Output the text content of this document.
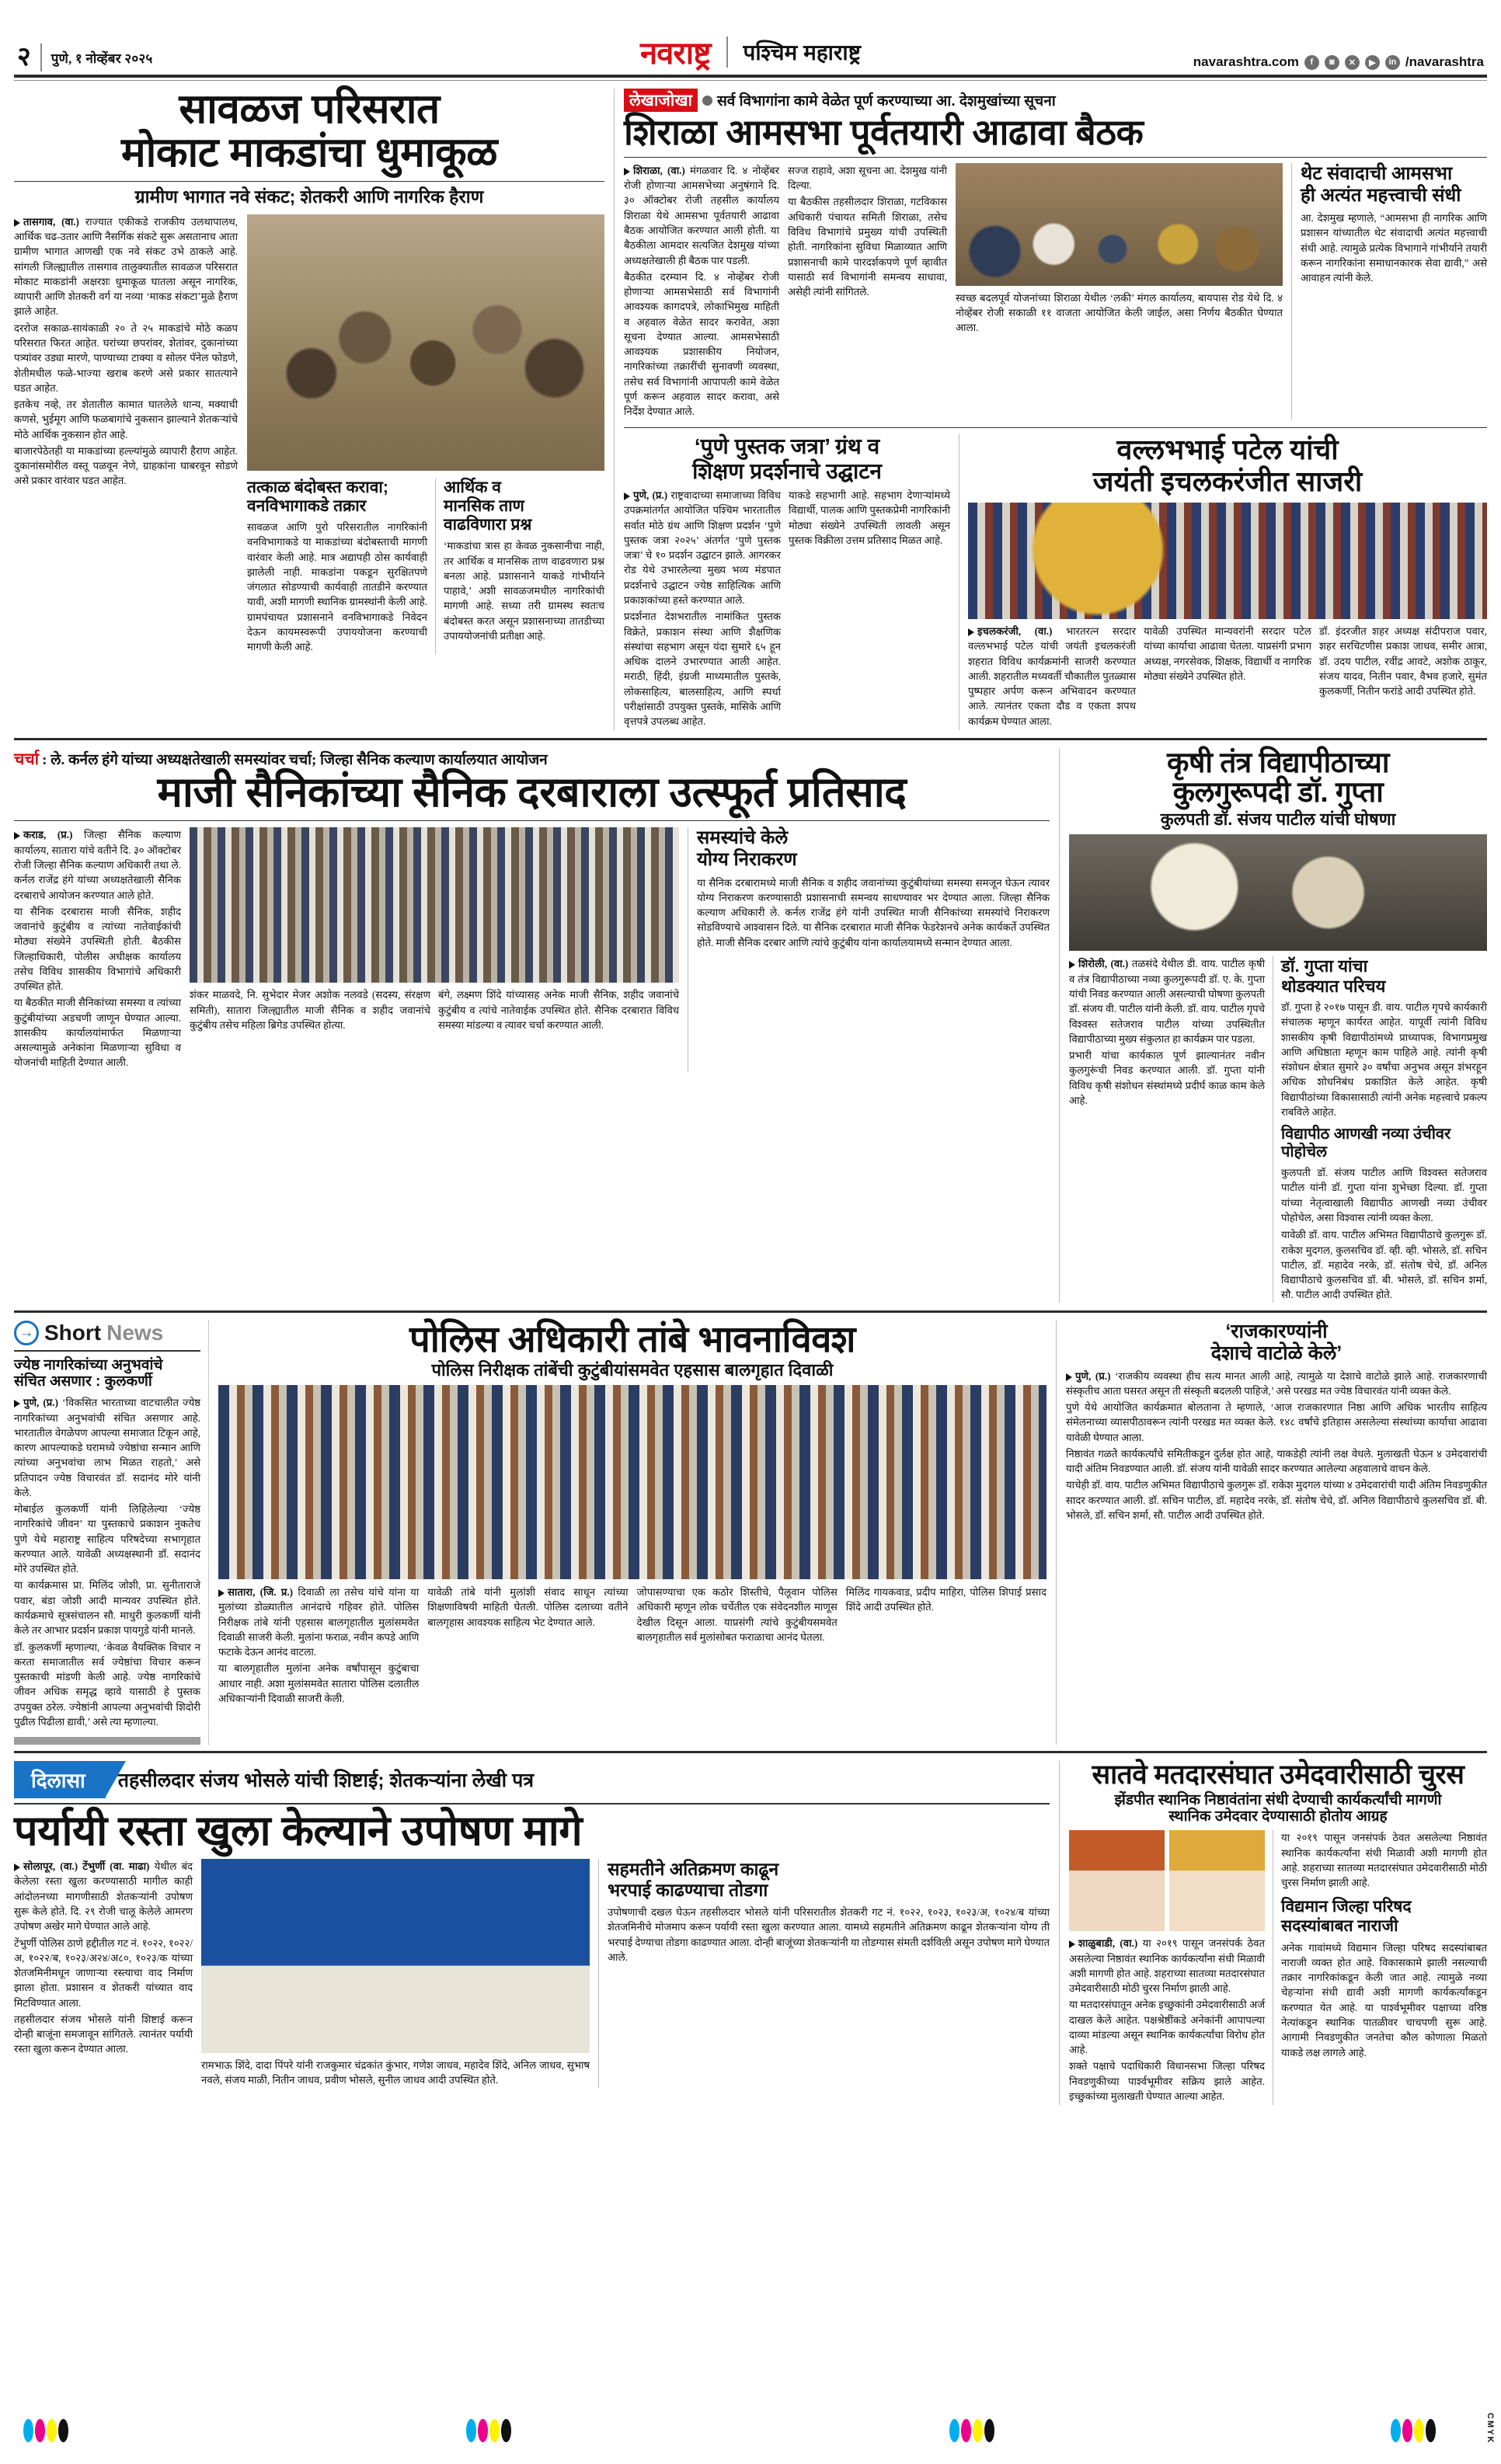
२ पुणे, १ नोव्हेंबर २०२५	नवराष्ट्र पश्चिम महाराष्ट्र	navarashtra.com	f	◙	✕	▶	in /navarashtra
सावळज परिसरात
मोकाट माकडांचा धुमाकूळ
ग्रामीण भागात नवे संकट; शेतकरी आणि नागरिक हैराण

तासगाव, (वा.) राज्यात एकीकडे राजकीय उलथापालथ, आर्थिक चढ-उतार आणि नैसर्गिक संकटे सुरू असतानाच आता ग्रामीण भागात आणखी एक नवे संकट उभे ठाकले आहे. सांगली जिल्ह्यातील तासगाव तालुक्यातील सावळज परिसरात मोकाट माकडांनी अक्षरशः धुमाकूळ घातला असून नागरिक, व्यापारी आणि शेतकरी वर्ग या नव्या ‘माकड संकटा’मुळे हैराण झाले आहेत.

दररोज सकाळ-सायंकाळी २० ते २५ माकडांचे मोठे कळप परिसरात फिरत आहेत. घरांच्या छपरांवर, शेतांवर, दुकानांच्या पत्र्यांवर उड्या मारणे, पाण्याच्या टाक्या व सोलर पॅनेल फोडणे, शेतीमधील फळे-भाज्या खराब करणे असे प्रकार सातत्याने घडत आहेत.

इतकेच नव्हे, तर शेतातील कामात घातलेले धान्य, मक्याची कणसे, भुईमूग आणि फळबागांचे नुकसान झाल्याने शेतकऱ्यांचे मोठे आर्थिक नुकसान होत आहे.

बाजारपेठेतही या माकडांच्या हल्ल्यांमुळे व्यापारी हैराण आहेत. दुकानांसमोरील वस्तू पळवून नेणे, ग्राहकांना घाबरवून सोडणे असे प्रकार वारंवार घडत आहेत.	तत्काळ बंदोबस्त करावा;
वनविभागाकडे तक्रार
सावळज आणि पुरो परिसरातील नागरिकांनी वनविभागाकडे या माकडांच्या बंदोबस्ताची मागणी वारंवार केली आहे. मात्र अद्यापही ठोस कार्यवाही झालेली नाही. माकडांना पकडून सुरक्षितपणे जंगलात सोडण्याची कार्यवाही तातडीने करण्यात यावी, अशी मागणी स्थानिक ग्रामस्थांनी केली आहे. ग्रामपंचायत प्रशासनाने वनविभागाकडे निवेदन देऊन कायमस्वरूपी उपाययोजना करण्याची मागणी केली आहे.
आर्थिक व
मानसिक ताण
वाढविणारा प्रश्न
‘माकडांचा त्रास हा केवळ नुकसानीचा नाही, तर आर्थिक व मानसिक ताण वाढवणारा प्रश्न बनला आहे. प्रशासनाने याकडे गांभीर्याने पाहावे,’ अशी सावळजमधील नागरिकांची मागणी आहे. सध्या तरी ग्रामस्थ स्वतःच बंदोबस्त करत असून प्रशासनाच्या तातडीच्या उपाययोजनांची प्रतीक्षा आहे.
लेखाजोखा	सर्व विभागांना कामे वेळेत पूर्ण करण्याच्या आ. देशमुखांच्या सूचना
शिराळा आमसभा पूर्वतयारी आढावा बैठक

शिराळा, (वा.) मंगळवार दि. ४ नोव्हेंबर रोजी होणाऱ्या आमसभेच्या अनुषंगाने दि. ३० ऑक्टोबर रोजी तहसील कार्यालय शिराळा येथे आमसभा पूर्वतयारी आढावा बैठक आयोजित करण्यात आली होती. या बैठकीला आमदार सत्यजित देशमुख यांच्या अध्यक्षतेखाली ही बैठक पार पडली.

बैठकीत दरम्यान दि. ४ नोव्हेंबर रोजी होणाऱ्या आमसभेसाठी सर्व विभागांनी आवश्यक कागदपत्रे, लोकाभिमुख माहिती व अहवाल वेळेत सादर करावेत, अशा सूचना देण्यात आल्या. आमसभेसाठी आवश्यक प्रशासकीय नियोजन, नागरिकांच्या तक्रारींची सुनावणी व्यवस्था, तसेच सर्व विभागांनी आपापली कामे वेळेत पूर्ण करून अहवाल सादर करावा, असे निर्देश देण्यात आले.

सज्ज राहावे, अशा सूचना आ. देशमुख यांनी दिल्या.

या बैठकीस तहसीलदार शिराळा, गटविकास अधिकारी पंचायत समिती शिराळा, तसेच विविध विभागांचे प्रमुख्य यांची उपस्थिती होती. नागरिकांना सुविधा मिळाव्यात आणि प्रशासनाची कामे पारदर्शकपणे पूर्ण व्हावीत यासाठी सर्व विभागांनी समन्वय साधावा, असेही त्यांनी सांगितले.

स्वच्छ बदलपूर्व योजनांच्या शिराळा येथील ‘लकी’ मंगल कार्यालय, बायपास रोड येथे दि. ४ नोव्हेंबर रोजी सकाळी ११ वाजता आयोजित केली जाईल, असा निर्णय बैठकीत घेण्यात आला.
थेट संवादाची आमसभा
ही अत्यंत महत्त्वाची संधी
आ. देशमुख म्हणाले, “आमसभा ही नागरिक आणि प्रशासन यांच्यातील थेट संवादाची अत्यंत महत्त्वाची संधी आहे. त्यामुळे प्रत्येक विभागाने गांभीर्याने तयारी करून नागरिकांना समाधानकारक सेवा द्यावी,” असे आवाहन त्यांनी केले.
‘पुणे पुस्तक जत्रा’ ग्रंथ व
शिक्षण प्रदर्शनाचे उद्घाटन

पुणे, (प्र.) राष्ट्रवादाच्या समाजाच्या विविध उपक्रमांतर्गत आयोजित पश्चिम भारतातील सर्वात मोठे ग्रंथ आणि शिक्षण प्रदर्शन ‘पुणे पुस्तक जत्रा २०२५’ अंतर्गत ‘पुणे पुस्तक जत्रा’ चे १० प्रदर्शन उद्घाटन झाले. आगरकर रोड येथे उभारलेल्या मुख्य भव्य मंडपात प्रदर्शनाचे उद्घाटन ज्येष्ठ साहित्यिक आणि प्रकाशकांच्या हस्ते करण्यात आले.

प्रदर्शनात देशभरातील नामांकित पुस्तक विक्रेते, प्रकाशन संस्था आणि शैक्षणिक संस्थांचा सहभाग असून यंदा सुमारे ६५ हून अधिक दालने उभारण्यात आली आहेत. मराठी, हिंदी, इंग्रजी माध्यमातील पुस्तके, लोकसाहित्य, बालसाहित्य, आणि स्पर्धा परीक्षांसाठी उपयुक्त पुस्तके, मासिके आणि वृत्तपत्रे उपलब्ध आहेत.

याकडे सहभागी आहे. सहभाग देणाऱ्यांमध्ये विद्यार्थी, पालक आणि पुस्तकप्रेमी नागरिकांनी मोठ्या संख्येने उपस्थिती लावली असून पुस्तक विक्रीला उत्तम प्रतिसाद मिळत आहे.
वल्लभभाई पटेल यांची
जयंती इचलकरंजीत साजरी

इचलकरंजी, (वा.) भारतरत्न सरदार वल्लभभाई पटेल यांची जयंती इचलकरंजी शहरात विविध कार्यक्रमांनी साजरी करण्यात आली. शहरातील मध्यवर्ती चौकातील पुतळ्यास पुष्पहार अर्पण करून अभिवादन करण्यात आले. त्यानंतर एकता दौड व एकता शपथ कार्यक्रम घेण्यात आला.

यावेळी उपस्थित मान्यवरांनी सरदार पटेल यांच्या कार्याचा आढावा घेतला. याप्रसंगी प्रभाग अध्यक्ष, नगरसेवक, शिक्षक, विद्यार्थी व नागरिक मोठ्या संख्येने उपस्थित होते.

डॉ. इंदरजीत शहर अध्यक्ष संदीपराज पवार, शहर सरचिटणीस प्रकाश जाधव, समीर आत्रा, डॉ. उदय पाटील, रवींद्र आवटे, अशोक ठाकूर, संजय यादव, नितीन पवार, वैभव हजारे, सुमंत कुलकर्णी, नितीन फरांडे आदी उपस्थित होते.

चर्चा : ले. कर्नल हंगे यांच्या अध्यक्षतेखाली समस्यांवर चर्चा; जिल्हा सैनिक कल्याण कार्यालयात आयोजन
माजी सैनिकांच्या सैनिक दरबाराला उत्स्फूर्त प्रतिसाद

कराड, (प्र.) जिल्हा सैनिक कल्याण कार्यालय, सातारा यांचे वतीने दि. ३० ऑक्टोबर रोजी जिल्हा सैनिक कल्याण अधिकारी तथा ले. कर्नल राजेंद्र हंगे यांच्या अध्यक्षतेखाली सैनिक दरबाराचे आयोजन करण्यात आले होते.

या सैनिक दरबारास माजी सैनिक, शहीद जवानांचे कुटुंबीय व त्यांच्या नातेवाईकांची मोठ्या संख्येने उपस्थिती होती. बैठकीस जिल्हाधिकारी, पोलीस अधीक्षक कार्यालय तसेच विविध शासकीय विभागांचे अधिकारी उपस्थित होते.

या बैठकीत माजी सैनिकांच्या समस्या व त्यांच्या कुटुंबीयांच्या अडचणी जाणून घेण्यात आल्या. शासकीय कार्यालयांमार्फत मिळणाऱ्या असल्यामुळे अनेकांना मिळणाऱ्या सुविधा व योजनांची माहिती देण्यात आली.

शंकर माळवदे, नि. सुभेदार मेजर अशोक नलवडे (सदस्य, संरक्षण समिती), सातारा जिल्ह्यातील माजी सैनिक व शहीद जवानांचे कुटुंबीय तसेच महिला ब्रिगेड उपस्थित होत्या.
बंगे, लक्ष्मण शिंदे यांच्यासह अनेक माजी सैनिक, शहीद जवानांचे कुटुंबीय व त्यांचे नातेवाईक उपस्थित होते. सैनिक दरबारात विविध समस्या मांडल्या व त्यावर चर्चा करण्यात आली.
समस्यांचे केले
योग्य निराकरण
या सैनिक दरबारामध्ये माजी सैनिक व शहीद जवानांच्या कुटुंबीयांच्या समस्या समजून घेऊन त्यावर योग्य निराकरण करण्यासाठी प्रशासनाची समन्वय साधण्यावर भर देण्यात आला. जिल्हा सैनिक कल्याण अधिकारी ले. कर्नल राजेंद्र हंगे यांनी उपस्थित माजी सैनिकांच्या समस्यांचे निराकरण सोडविण्याचे आश्वासन दिले. या सैनिक दरबारात माजी सैनिक फेडरेशनचे अनेक कार्यकर्ते उपस्थित होते. माजी सैनिक दरबार आणि त्यांचे कुटुंबीय यांना कार्यालयामध्ये सन्मान देण्यात आला.
कृषी तंत्र विद्यापीठाच्या
कुलगुरूपदी डॉ. गुप्ता
कुलपती डॉ. संजय पाटील यांची घोषणा

शिरोली, (वा.) तळसंदे येथील डी. वाय. पाटील कृषी व तंत्र विद्यापीठाच्या नव्या कुलगुरूपदी डॉ. ए. के. गुप्ता यांची निवड करण्यात आली असल्याची घोषणा कुलपती डॉ. संजय वी. पाटील यांनी केली. डॉ. वाय. पाटील गृपचे विश्वस्त सतेजराव पाटील यांच्या उपस्थितीत विद्यापीठाच्या मुख्य संकुलात हा कार्यक्रम पार पडला.

प्रभारी यांचा कार्यकाल पूर्ण झाल्यानंतर नवीन कुलगुरूंची निवड करण्यात आली. डॉ. गुप्ता यांनी विविध कृषी संशोधन संस्थांमध्ये प्रदीर्घ काळ काम केले आहे.

डॉ. गुप्ता यांचा
थोडक्यात परिचय
डॉ. गुप्ता हे २०१७ पासून डी. वाय. पाटील गृपचे कार्यकारी संचालक म्हणून कार्यरत आहेत. यापूर्वी त्यांनी विविध शासकीय कृषी विद्यापीठांमध्ये प्राध्यापक, विभागप्रमुख आणि अधिष्ठाता म्हणून काम पाहिले आहे. त्यांनी कृषी संशोधन क्षेत्रात सुमारे ३० वर्षांचा अनुभव असून शंभरहून अधिक शोधनिबंध प्रकाशित केले आहेत. कृषी विद्यापीठांच्या विकासासाठी त्यांनी अनेक महत्त्वाचे प्रकल्प राबविले आहेत.
विद्यापीठ आणखी नव्या उंचीवर पोहोचेल
कुलपती डॉ. संजय पाटील आणि विश्वस्त सतेजराव पाटील यांनी डॉ. गुप्ता यांना शुभेच्छा दिल्या. डॉ. गुप्ता यांच्या नेतृत्वाखाली विद्यापीठ आणखी नव्या उंचीवर पोहोचेल, असा विश्वास त्यांनी व्यक्त केला.
यावेळी डॉ. वाय. पाटील अभिमत विद्यापीठाचे कुलगुरू डॉ. राकेश मुदगल, कुलसचिव डॉ. व्ही. व्ही. भोसले, डॉ. सचिन पाटील, डॉ. महादेव नरके, डॉ. संतोष चेचे, डॉ. अनिल विद्यापीठाचे कुलसचिव डॉ. बी. भोसले, डॉ. सचिन शर्मा, सौ. पाटील आदी उपस्थित होते.
→
Short News
ज्येष्ठ नागरिकांच्या अनुभवांचे
संचित असणार : कुलकर्णी

पुणे, (प्र.) ‘विकसित भारताच्या वाटचालीत ज्येष्ठ नागरिकांच्या अनुभवांची संचित असणार आहे. भारतातील वेगळेपण आपल्या समाजात टिकून आहे, कारण आपल्याकडे घरामध्ये ज्येष्ठांचा सन्मान आणि त्यांच्या अनुभवांचा लाभ मिळत राहतो,’ असे प्रतिपादन ज्येष्ठ विचारवंत डॉ. सदानंद मोरे यांनी केले.

मोबाईल कुलकर्णी यांनी लिहिलेल्या ‘ज्येष्ठ नागरिकांचे जीवन’ या पुस्तकाचे प्रकाशन नुकतेच पुणे येथे महाराष्ट्र साहित्य परिषदेच्या सभागृहात करण्यात आले. यावेळी अध्यक्षस्थानी डॉ. सदानंद मोरे उपस्थित होते.

या कार्यक्रमास प्रा. मिलिंद जोशी, प्रा. सुनीताराजे पवार, बंडा जोशी आदी मान्यवर उपस्थित होते. कार्यक्रमाचे सूत्रसंचालन सौ. माधुरी कुलकर्णी यांनी केले तर आभार प्रदर्शन प्रकाश पायगुडे यांनी मानले.

डॉ. कुलकर्णी म्हणाल्या, ‘केवळ वैयक्तिक विचार न करता समाजातील सर्व ज्येष्ठांचा विचार करून पुस्तकाची मांडणी केली आहे. ज्येष्ठ नागरिकांचे जीवन अधिक समृद्ध व्हावे यासाठी हे पुस्तक उपयुक्त ठरेल. ज्येष्ठांनी आपल्या अनुभवांची शिदोरी पुढील पिढीला द्यावी,’ असे त्या म्हणाल्या.

पोलिस अधिकारी तांबे भावनाविवश
पोलिस निरीक्षक तांबेंची कुटुंबीयांसमवेत एहसास बालगृहात दिवाळी

सातारा, (जि. प्र.) दिवाळी ला तसेच यांचे यांना या मुलांच्या डोळ्यातील आनंदाचे गहिवर होते. पोलिस निरीक्षक तांबे यांनी एहसास बालगृहातील मुलांसमवेत दिवाळी साजरी केली. मुलांना फराळ, नवीन कपडे आणि फटाके देऊन आनंद वाटला.

या बालगृहातील मुलांना अनेक वर्षांपासून कुटुंबाचा आधार नाही. अशा मुलांसमवेत सातारा पोलिस दलातील अधिकाऱ्यांनी दिवाळी साजरी केली.

यावेळी तांबे यांनी मुलांशी संवाद साधून त्यांच्या शिक्षणाविषयी माहिती घेतली. पोलिस दलाच्या वतीने बालगृहास आवश्यक साहित्य भेट देण्यात आले.

जोपासण्याचा एक कठोर शिस्तीचे, पैलूवान पोलिस अधिकारी म्हणून लोक चर्चेतील एक संवेदनशील माणूस देखील दिसून आला. याप्रसंगी त्यांचे कुटुंबीयसमवेत बालगृहातील सर्व मुलांसोबत फराळाचा आनंद घेतला.

मिलिंद गायकवाड, प्रदीप माहिरा, पोलिस शिपाई प्रसाद शिंदे आदी उपस्थित होते.

‘राजकारण्यांनी
देशाचे वाटोळे केले’

पुणे, (प्र.) ‘राजकीय व्यवस्था हीच सत्य मानत आली आहे, त्यामुळे या देशाचे वाटोळे झाले आहे. राजकारणाची संस्कृतीच आता घसरत असून ती संस्कृती बदलली पाहिजे,’ असे परखड मत ज्येष्ठ विचारवंत यांनी व्यक्त केले.

पुणे येथे आयोजित कार्यक्रमात बोलताना ते म्हणाले, ‘आज राजकारणात निष्ठा आणि अधिक भारतीय साहित्य संमेलनाच्या व्यासपीठावरून त्यांनी परखड मत व्यक्त केले. १४८ वर्षांचे इतिहास असलेल्या संस्थांच्या कार्याचा आढावा यावेळी घेण्यात आला.

निष्ठावंत गळतेे कार्यकर्त्यांचे समितीकडून दुर्लक्ष होत आहे, याकडेही त्यांनी लक्ष वेधले. मुलाखती घेऊन ४ उमेदवारांची यादी अंतिम निवडण्यात आली. डॉ. संजय यांनी यावेळी सादर करण्यात आलेल्या अहवालाचे वाचन केले.

याचेही डॉ. वाय. पाटील अभिमत विद्यापीठाचे कुलगुरू डॉ. राकेश मुदगल यांच्या ४ उमेदवारांची यादी अंतिम निवडणुकीत सादर करण्यात आली. डॉ. सचिन पाटील, डॉ. महादेव नरके, डॉ. संतोष चेचे, डॉ. अनिल विद्यापीठाचे कुलसचिव डॉ. बी. भोसले, डॉ. सचिन शर्मा, सौ. पाटील आदी उपस्थित होते.

दिलासा	तहसीलदार संजय भोसले यांची शिष्टाई; शेतकऱ्यांना लेखी पत्र
पर्यायी रस्ता खुला केल्याने उपोषण मागे

सोलापूर, (वा.) टेंभुर्णी (वा. माढा) येथील बंद केलेला रस्ता खुला करण्यासाठी मागील काही आंदोलनच्या मागणीसाठी शेतकऱ्यांनी उपोषण सुरू केले होते. दि. २९ रोजी चालू केलेले आमरण उपोषण अखेर मागे घेण्यात आले आहे.

टेंभुर्णी पोलिस ठाणे हद्दीतील गट नं. १०२२, १०२२/अ, १०२२/ब, १०२३/अ२४/अ८०, १०२३/क यांच्या शेतजमिनीमधून जाणाऱ्या रस्त्याचा वाद निर्माण झाला होता. प्रशासन व शेतकरी यांच्यात वाद मिटविण्यात आला.

तहसीलदार संजय भोसले यांनी शिष्टाई करून दोन्ही बाजूंना समजावून सांगितले. त्यानंतर पर्यायी रस्ता खुला करून देण्यात आला.

रामभाऊ शिंदे, दादा पिंपरे यांनी राजकुमार चंद्रकांत कुंभार, गणेश जाधव, महादेव शिंदे, अनिल जाधव, सुभाष नवले, संजय माळी, नितीन जाधव, प्रवीण भोसले, सुनील जाधव आदी उपस्थित होते.
सहमतीने अतिक्रमण काढून
भरपाई काढण्याचा तोडगा
उपोषणाची दखल घेऊन तहसीलदार भोसले यांनी परिसरातील शेतकरी गट नं. १०२२, १०२३, १०२३/अ, १०२४/ब यांच्या शेतजमिनीचे मोजमाप करून पर्यायी रस्ता खुला करण्यात आला. यामध्ये सहमतीने अतिक्रमण काढून शेतकऱ्यांना योग्य ती भरपाई देण्याचा तोडगा काढण्यात आला. दोन्ही बाजूंच्या शेतकऱ्यांनी या तोडग्यास संमती दर्शविली असून उपोषण मागे घेण्यात आले.
सातवे मतदारसंघात उमेदवारीसाठी चुरस
झेंडपीत स्थानिक निष्ठावंतांना संधी देण्याची कार्यकर्त्यांची मागणी
स्थानिक उमेदवार देण्यासाठी होतोय आग्रह

शाळुबाडी, (वा.) या २०१९ पासून जनसंपर्क ठेवत असलेल्या निष्ठावंत स्थानिक कार्यकर्त्यांना संधी मिळावी अशी मागणी होत आहे. शहराच्या सातव्या मतदारसंघात उमेदवारीसाठी मोठी चुरस निर्माण झाली आहे.

या मतदारसंघातून अनेक इच्छुकांनी उमेदवारीसाठी अर्ज दाखल केले आहेत. पक्षश्रेष्ठींकडे अनेकांनी आपापल्या दाव्या मांडल्या असून स्थानिक कार्यकर्त्यांचा विरोध होत आहे.

शक्ते पक्षाचे पदाधिकारी विधानसभा जिल्हा परिषद निवडणुकीच्या पार्श्वभूमीवर सक्रिय झाले आहेत. इच्छुकांच्या मुलाखती घेण्यात आल्या आहेत.

या २०१९ पासून जनसंपर्क ठेवत असलेल्या निष्ठावंत स्थानिक कार्यकर्त्यांना संधी मिळावी अशी मागणी होत आहे. शहराच्या सातव्या मतदारसंघात उमेदवारीसाठी मोठी चुरस निर्माण झाली आहे.
विद्यमान जिल्हा परिषद
सदस्यांबाबत नाराजी
अनेक गावांमध्ये विद्यमान जिल्हा परिषद सदस्यांबाबत नाराजी व्यक्त होत आहे. विकासकामे झाली नसल्याची तक्रार नागरिकांकडून केली जात आहे. त्यामुळे नव्या चेहऱ्यांना संधी द्यावी अशी मागणी कार्यकर्त्यांकडून करण्यात येत आहे. या पार्श्वभूमीवर पक्षाच्या वरिष्ठ नेत्यांकडून स्थानिक पातळीवर चाचपणी सुरू आहे. आगामी निवडणुकीत जनतेचा कौल कोणाला मिळतो याकडे लक्ष लागले आहे.
CMYK
